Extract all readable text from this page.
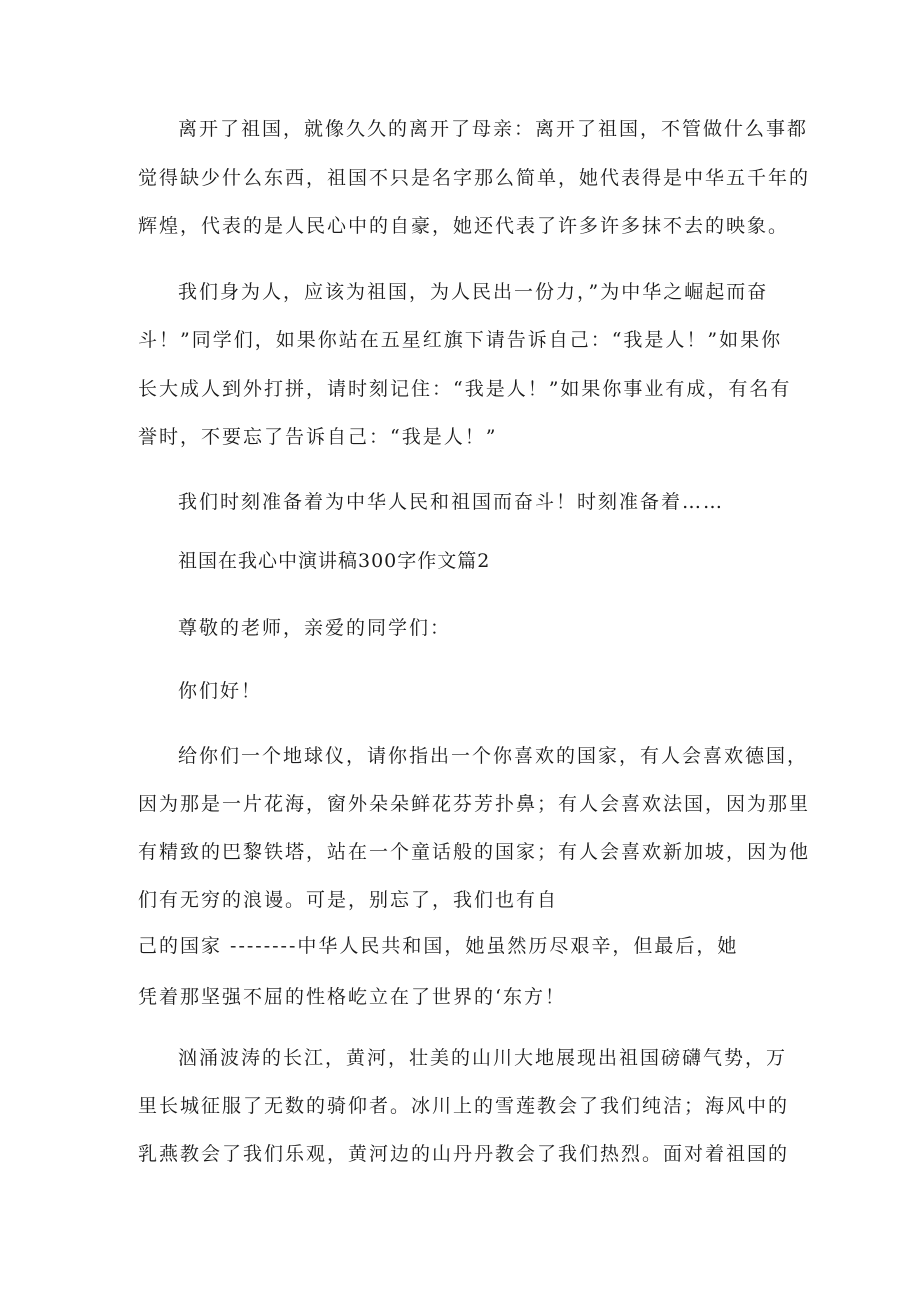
离开了祖国，就像久久的离开了母亲：离开了祖国，不管做什么事都
觉得缺少什么东西，祖国不只是名字那么简单，她代表得是中华五千年的
辉煌，代表的是人民心中的自豪，她还代表了许多许多抹不去的映象。
我们身为人，应该为祖国，为人民出一份力，”为中华之崛起而奋
斗！”同学们，如果你站在五星红旗下请告诉自己：“我是人！”如果你
长大成人到外打拼，请时刻记住：“我是人！”如果你事业有成，有名有
誉时，不要忘了告诉自己：“我是人！”
我们时刻准备着为中华人民和祖国而奋斗！时刻准备着……
祖国在我心中演讲稿300字作文篇2
尊敬的老师，亲爱的同学们：
你们好！
给你们一个地球仪，请你指出一个你喜欢的国家，有人会喜欢德国，
因为那是一片花海，窗外朵朵鲜花芬芳扑鼻；有人会喜欢法国，因为那里
有精致的巴黎铁塔，站在一个童话般的国家；有人会喜欢新加坡，因为他
们有无穷的浪谩。可是，别忘了，我们也有自
己的国家 --------中华人民共和国，她虽然历尽艰辛，但最后，她
凭着那坚强不屈的性格屹立在了世界的‘东方！
汹涌波涛的长江，黄河，壮美的山川大地展现出祖国磅礴气势，万
里长城征服了无数的骑仰者。冰川上的雪莲教会了我们纯洁；海风中的
乳燕教会了我们乐观，黄河边的山丹丹教会了我们热烈。面对着祖国的
